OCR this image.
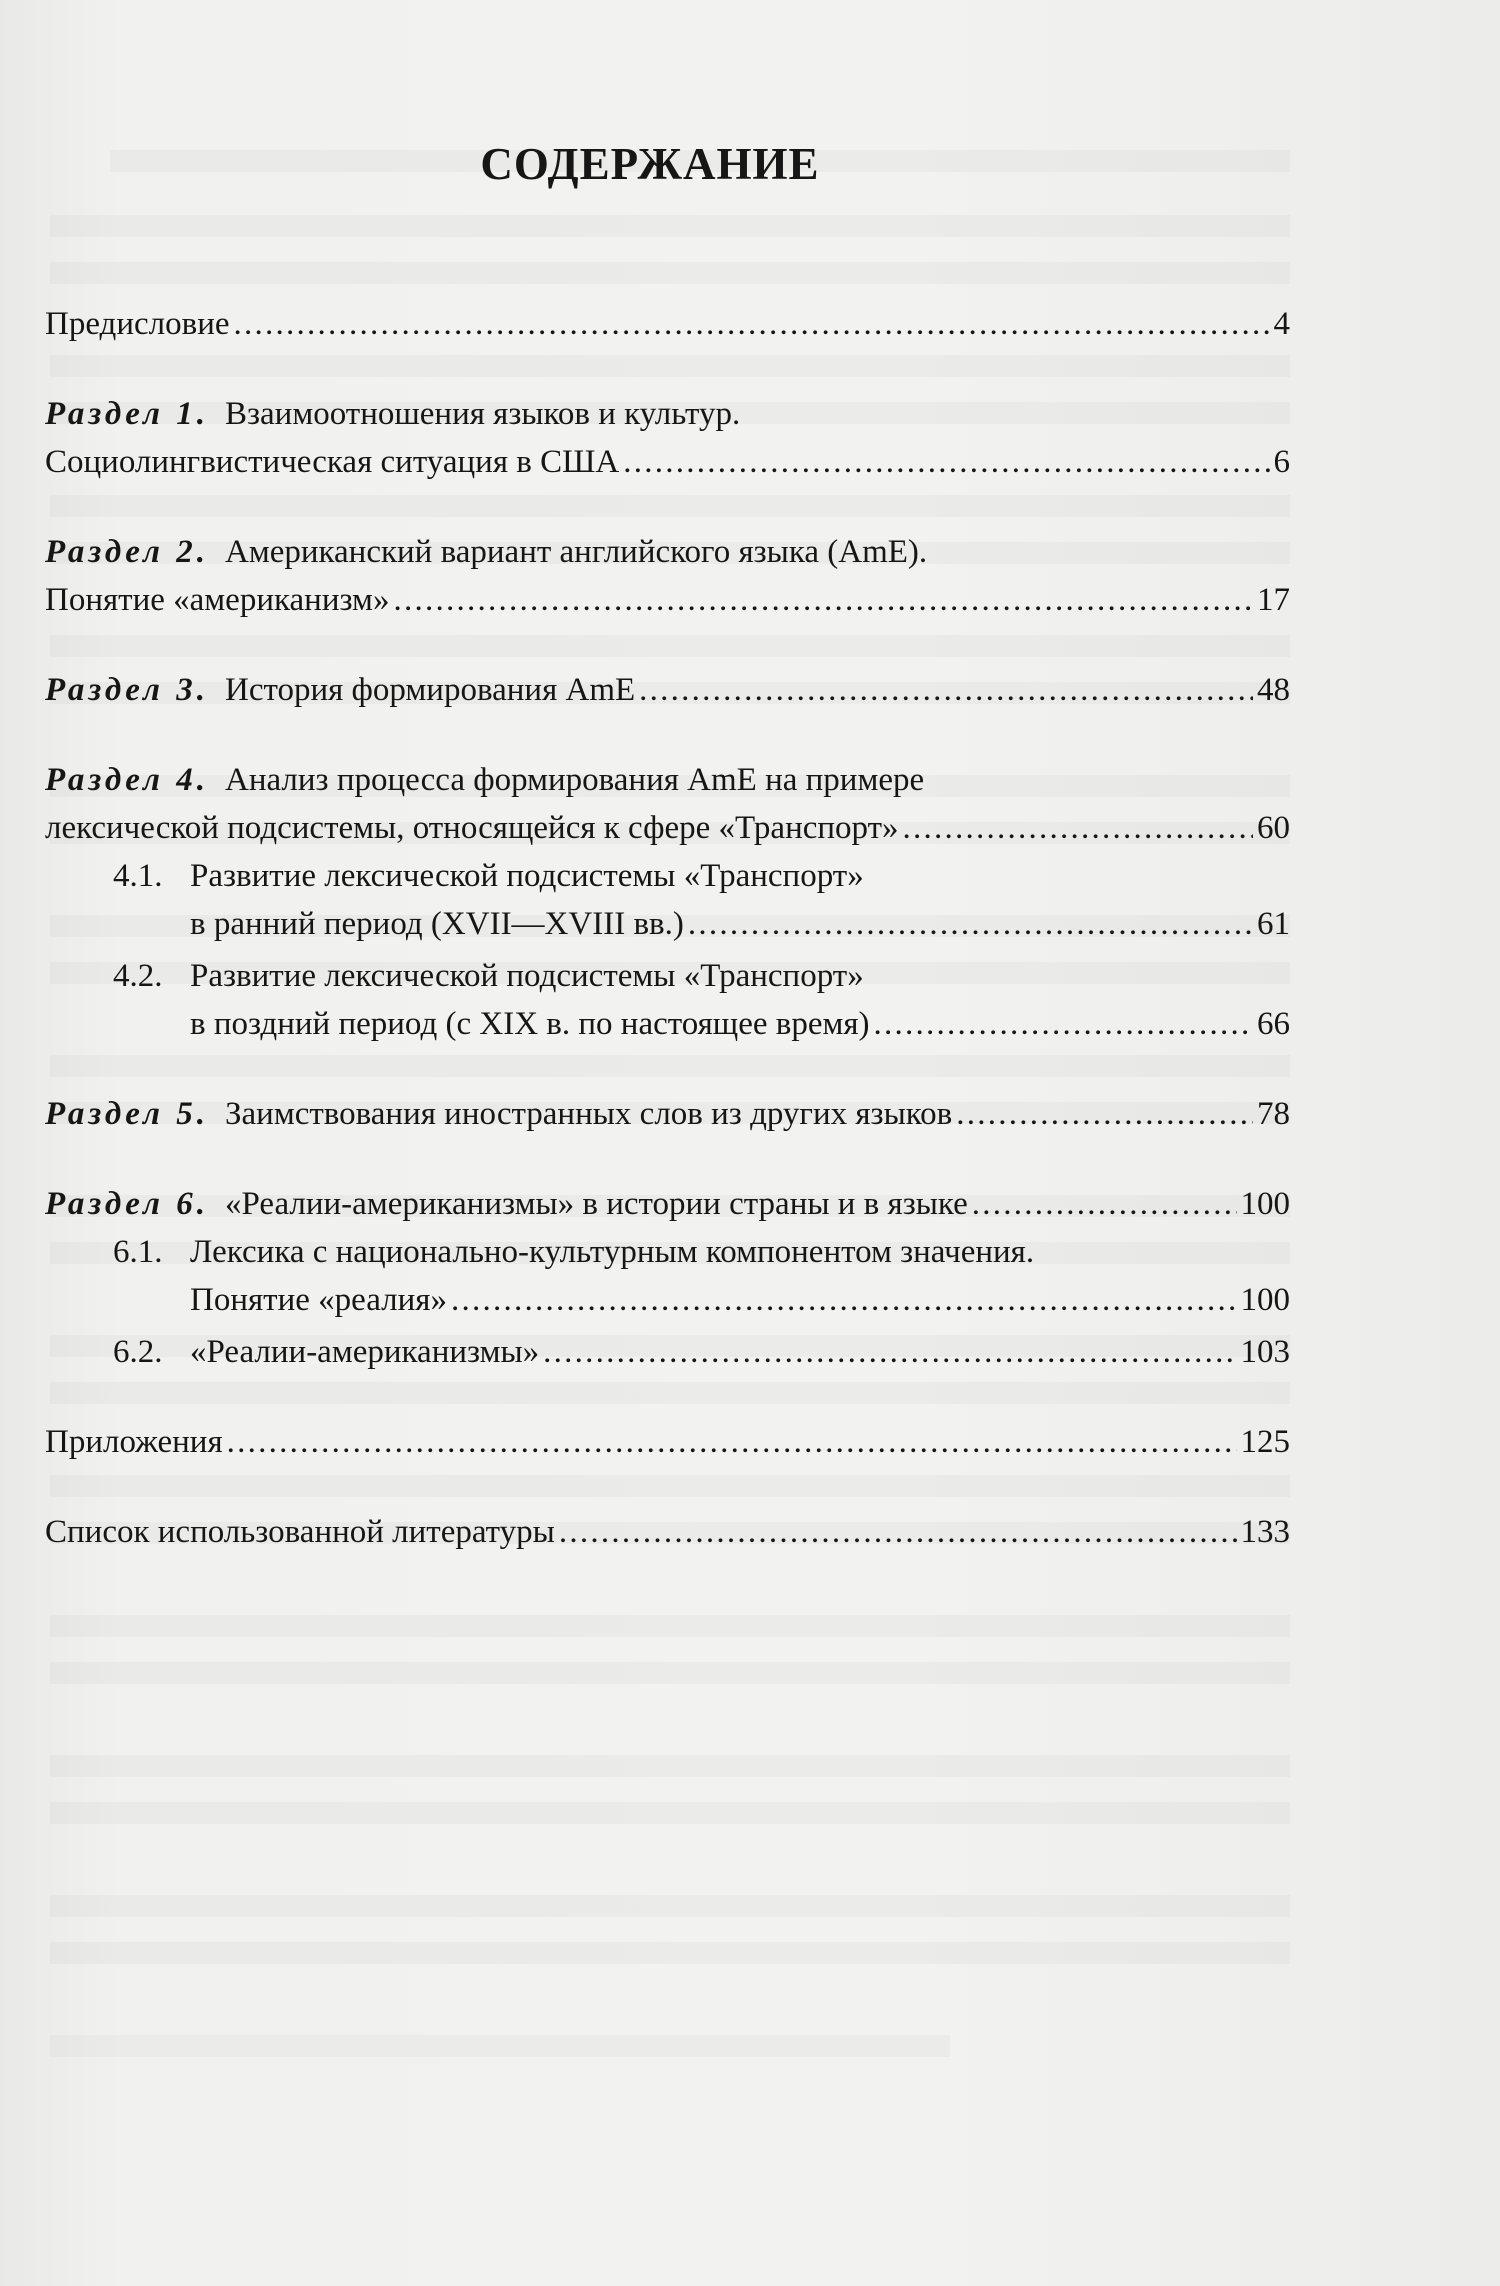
СОДЕРЖАНИЕ
Предисловие . . .	4
Раздел 1. Взаимоотношения языков и культур.
Социолингвистическая ситуация в США . . .	6
Раздел 2. Американский вариант английского языка (AmE).
Понятие «американизм» . . .	17
Раздел 3. История формирования AmE . . .	48
Раздел 4. Анализ процесса формирования AmE на примере
лексической подсистемы, относящейся к сфере «Транспорт» . . .	60
4.1. Развитие лексической подсистемы «Транспорт»
в ранний период (XVII—XVIII вв.) . . .	61
4.2. Развитие лексической подсистемы «Транспорт»
в поздний период (с XIX в. по настоящее время) . . .	66
Раздел 5. Заимствования иностранных слов из других языков . . .	78
Раздел 6. «Реалии-американизмы» в истории страны и в языке . . .	100
6.1. Лексика с национально-культурным компонентом значения.
Понятие «реалия» . . .	100
6.2. «Реалии-американизмы» . . .	103
Приложения . . .	125
Список использованной литературы . . .	133
